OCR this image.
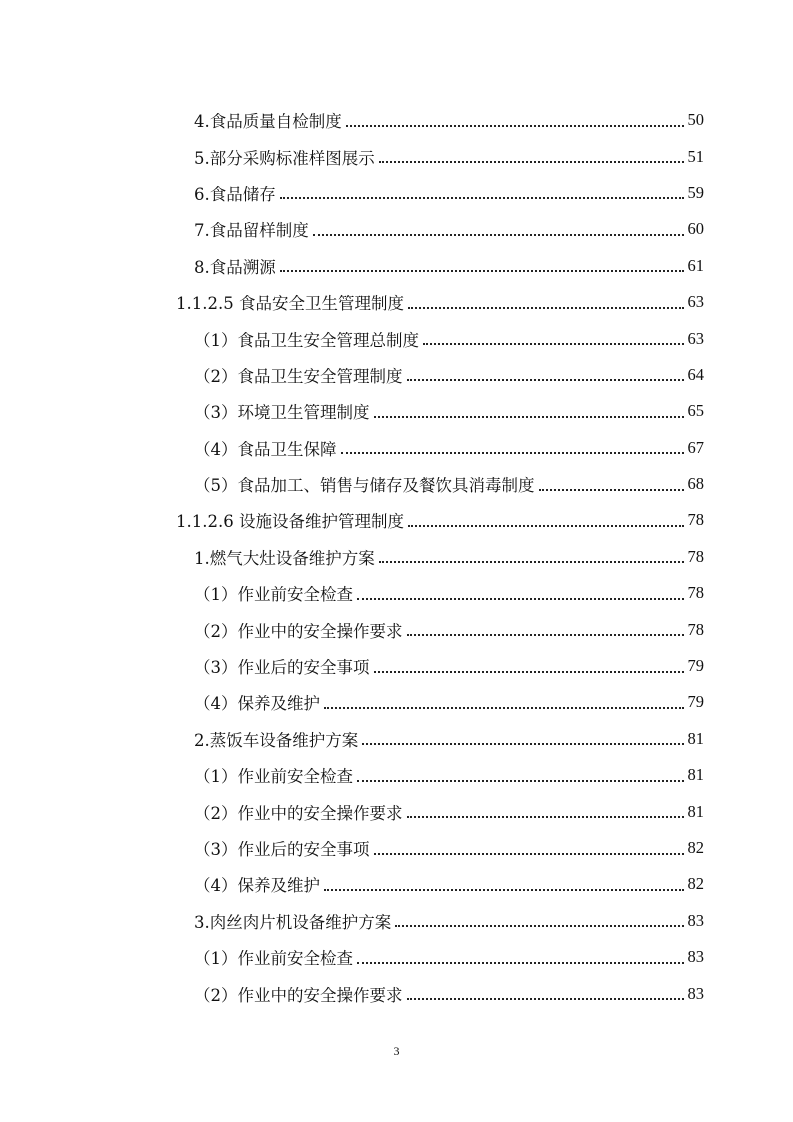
4.食品质量自检制度	50
5.部分采购标准样图展示	51
6.食品储存	59
7.食品留样制度	60
8.食品溯源	61
1.1.2.5 食品安全卫生管理制度	63
（1）食品卫生安全管理总制度	63
（2）食品卫生安全管理制度	64
（3）环境卫生管理制度	65
（4）食品卫生保障	67
（5）食品加工、销售与储存及餐饮具消毒制度	68
1.1.2.6 设施设备维护管理制度	78
1.燃气大灶设备维护方案	78
（1）作业前安全检查	78
（2）作业中的安全操作要求	78
（3）作业后的安全事项	79
（4）保养及维护	79
2.蒸饭车设备维护方案	81
（1）作业前安全检查	81
（2）作业中的安全操作要求	81
（3）作业后的安全事项	82
（4）保养及维护	82
3.肉丝肉片机设备维护方案	83
（1）作业前安全检查	83
（2）作业中的安全操作要求	83
3
